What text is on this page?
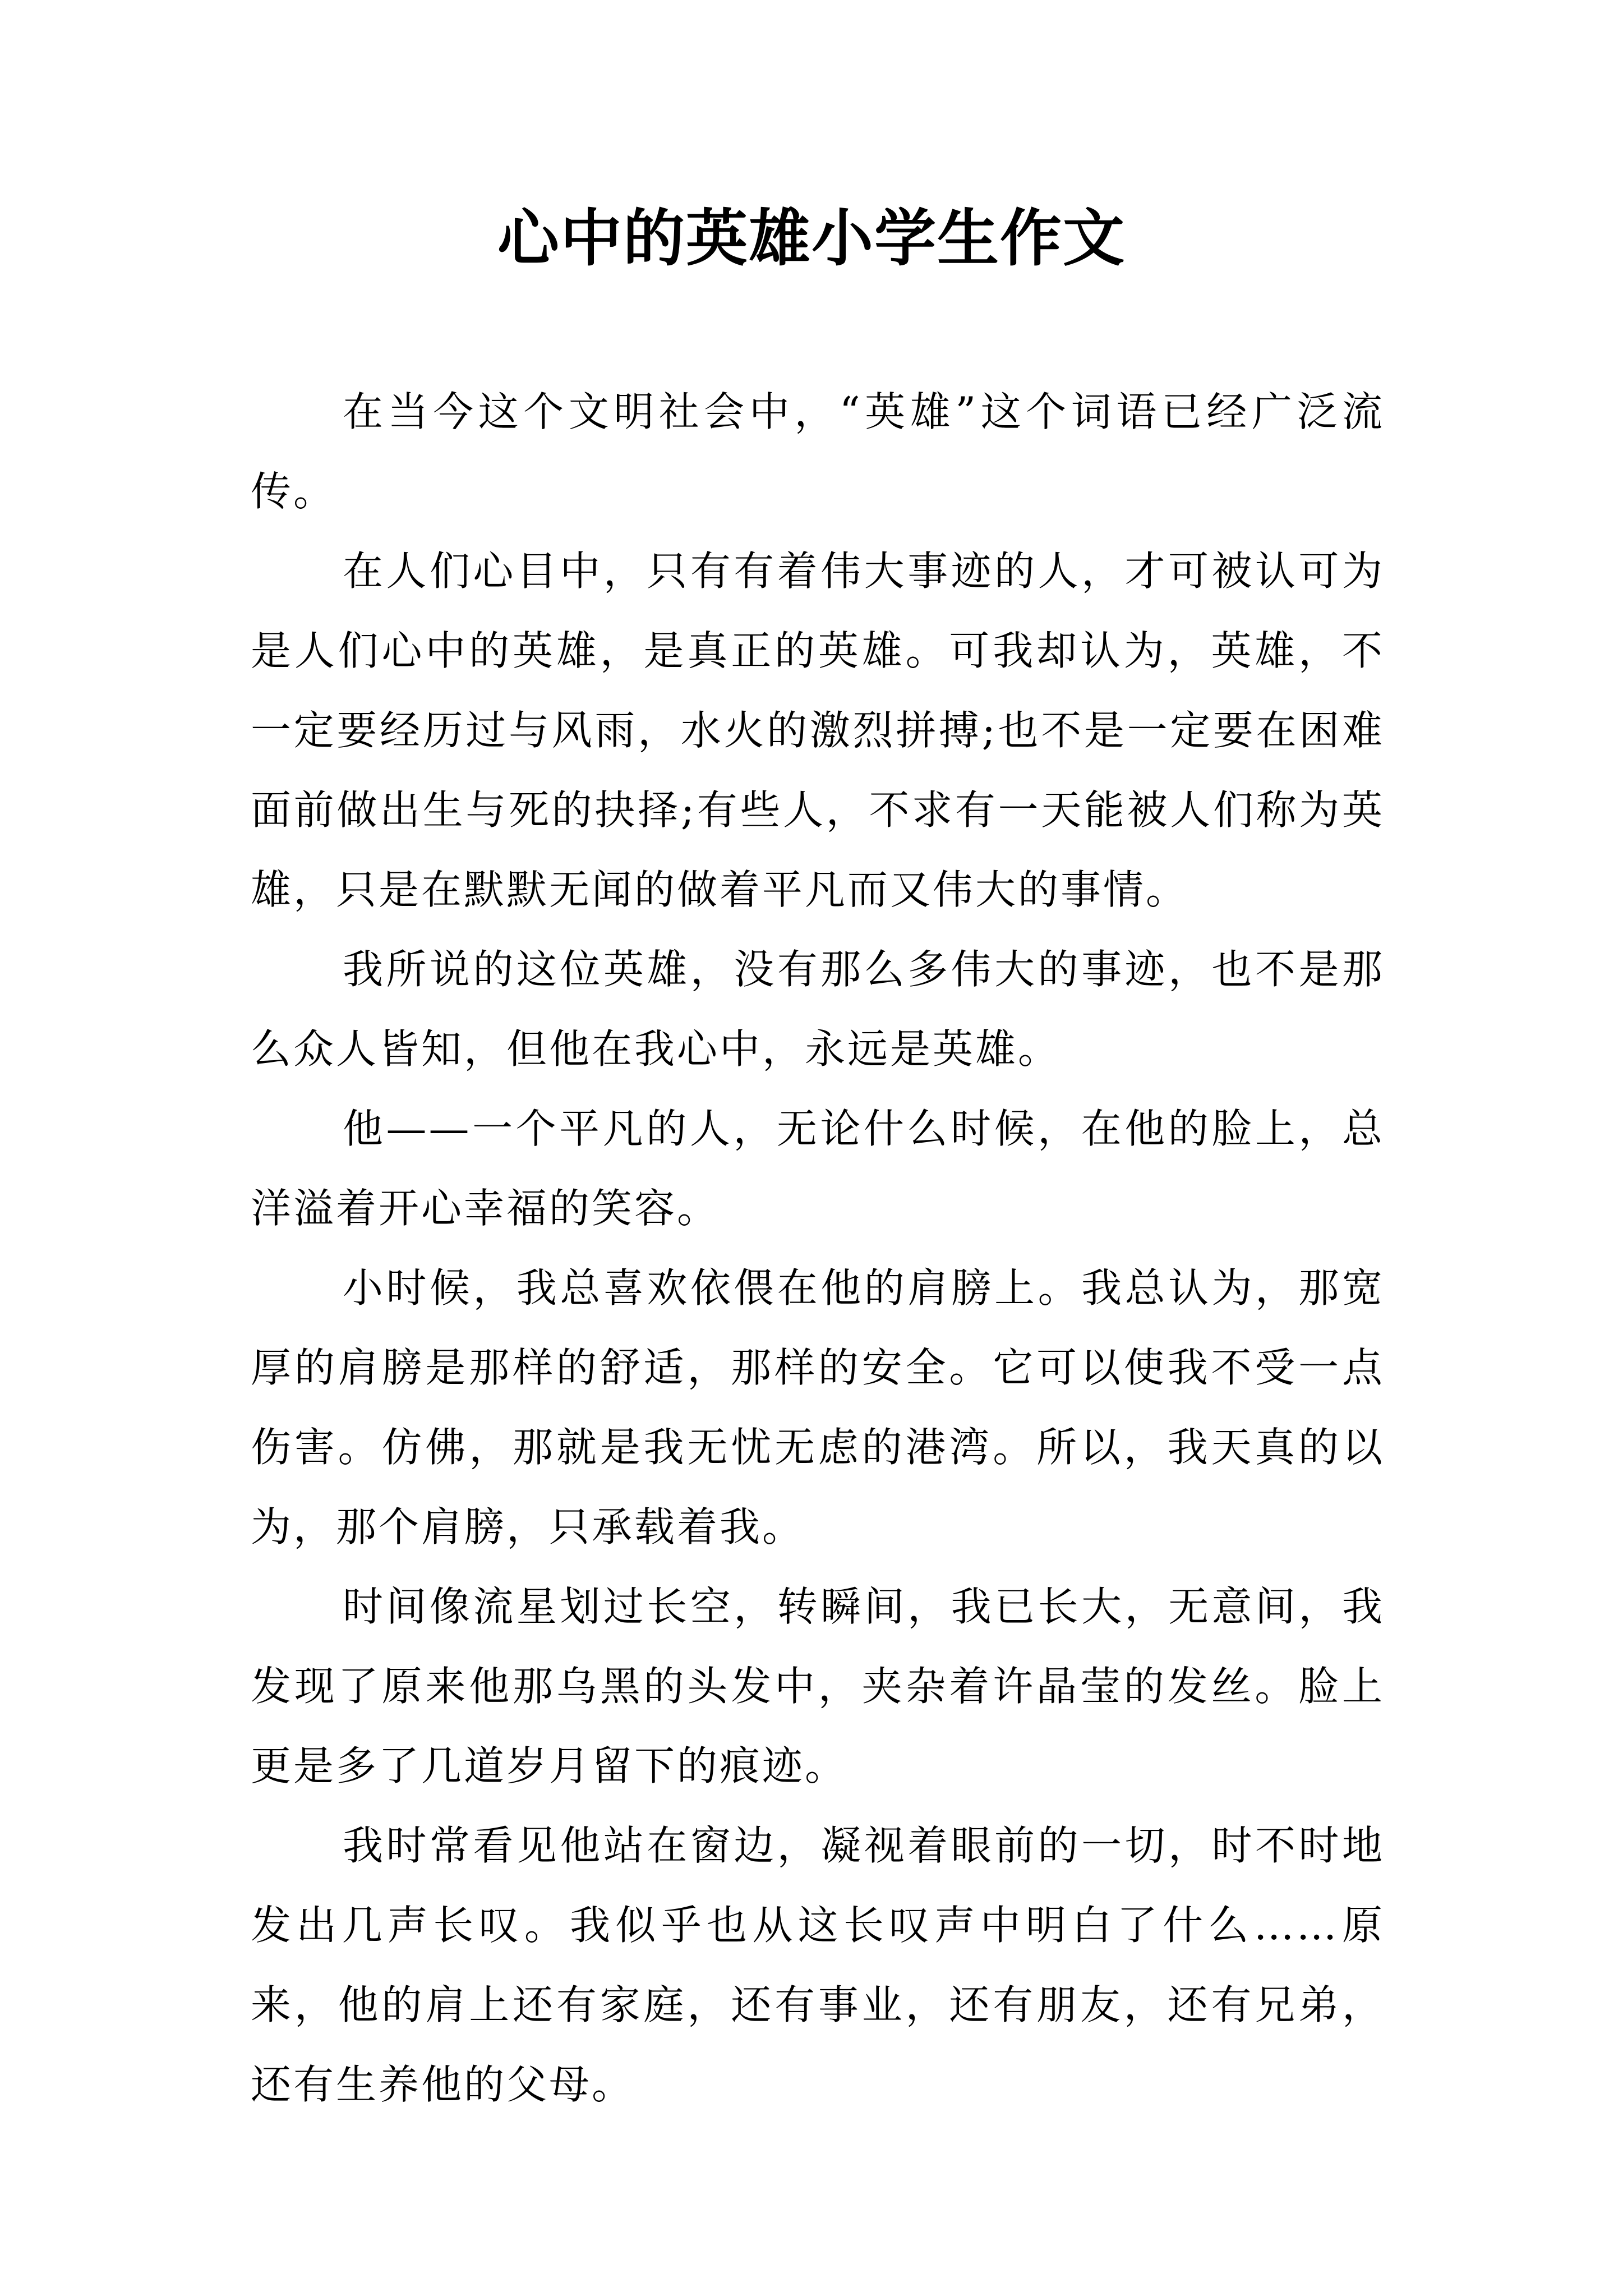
心中的英雄小学生作文

在当今这个文明社会中，“英雄”这个词语已经广泛流传。

在人们心目中，只有有着伟大事迹的人，才可被认可为是人们心中的英雄，是真正的英雄。可我却认为，英雄，不一定要经历过与风雨，水火的激烈拼搏;也不是一定要在困难面前做出生与死的抉择;有些人，不求有一天能被人们称为英雄，只是在默默无闻的做着平凡而又伟大的事情。

我所说的这位英雄，没有那么多伟大的事迹，也不是那么众人皆知，但他在我心中，永远是英雄。

他——一个平凡的人，无论什么时候，在他的脸上，总洋溢着开心幸福的笑容。

小时候，我总喜欢依偎在他的肩膀上。我总认为，那宽厚的肩膀是那样的舒适，那样的安全。它可以使我不受一点伤害。仿佛，那就是我无忧无虑的港湾。所以，我天真的以为，那个肩膀，只承载着我。

时间像流星划过长空，转瞬间，我已长大，无意间，我发现了原来他那乌黑的头发中，夹杂着许晶莹的发丝。脸上更是多了几道岁月留下的痕迹。

我时常看见他站在窗边，凝视着眼前的一切，时不时地发出几声长叹。我似乎也从这长叹声中明白了什么……原来，他的肩上还有家庭，还有事业，还有朋友，还有兄弟，还有生养他的父母。
